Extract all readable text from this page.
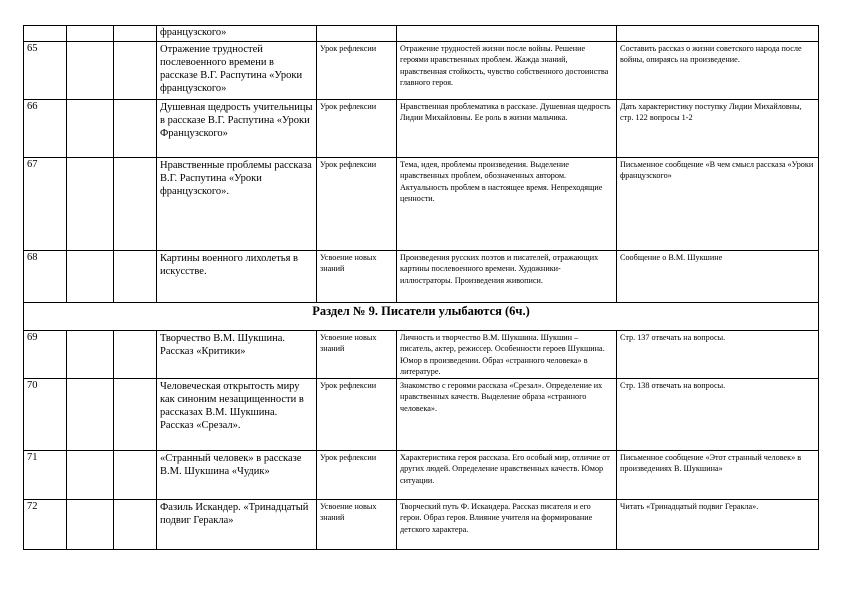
			французского»			
65			Отражение трудностей послевоенного времени в рассказе В.Г. Распутина «Уроки французского»	Урок рефлексии	Отражение трудностей жизни после войны. Решение героями нравственных проблем. Жажда знаний, нравственная стойкость, чувство собственного достоинства главного героя.	Составить рассказ о жизни советского народа после войны, опираясь на произведение.
66			Душевная щедрость учительницы в рассказе В.Г. Распутина «Уроки Французского»	Урок рефлексии	Нравственная проблематика в рассказе. Душевная щедрость Лидии Михайловны. Ее роль в жизни мальчика.	Дать характеристику поступку Лидии Михайловны, стр. 122 вопросы 1-2
67			Нравственные проблемы рассказа В.Г. Распутина «Уроки французского».	Урок рефлексии	Тема, идея, проблемы произведения. Выделение нравственных проблем, обозначенных автором. Актуальность проблем в настоящее время. Непреходящие ценности.	Письменное сообщение «В чем смысл рассказа «Уроки французского»
68			Картины военного лихолетья в искусстве.	Усвоение новых знаний	Произведения русских поэтов и писателей, отражающих картины послевоенного времени. Художники-иллюстраторы. Произведения живописи.	Сообщение о В.М. Шукшине
Раздел № 9. Писатели улыбаются (6ч.)						
69			Творчество В.М. Шукшина. Рассказ «Критики»	Усвоение новых знаний	Личность и творчество В.М. Шукшина. Шукшин – писатель, актер, режиссер. Особенности героев Шукшина. Юмор в произведении. Образ «странного человека» в литературе.	Стр. 137 отвечать на вопросы.
70			Человеческая открытость миру как синоним незащищенности в рассказах В.М. Шукшина. Рассказ «Срезал».	Урок рефлексии	Знакомство с героями рассказа «Срезал». Определение их нравственных качеств. Выделение образа «странного человека».	Стр. 138 отвечать на вопросы.
71			«Странный человек» в рассказе В.М. Шукшина «Чудик»	Урок рефлексии	Характеристика героя рассказа. Его особый мир, отличие от других людей. Определение нравственных качеств. Юмор ситуации.	Письменное сообщение «Этот странный человек» в произведениях В. Шукшина»
72			Фазиль Искандер. «Тринадцатый подвиг Геракла»	Усвоение новых знаний	Творческий путь Ф. Искандера. Рассказ писателя и его герои. Образ героя. Влияние учителя на формирование детского характера.	Читать «Тринадцатый подвиг Геракла».
